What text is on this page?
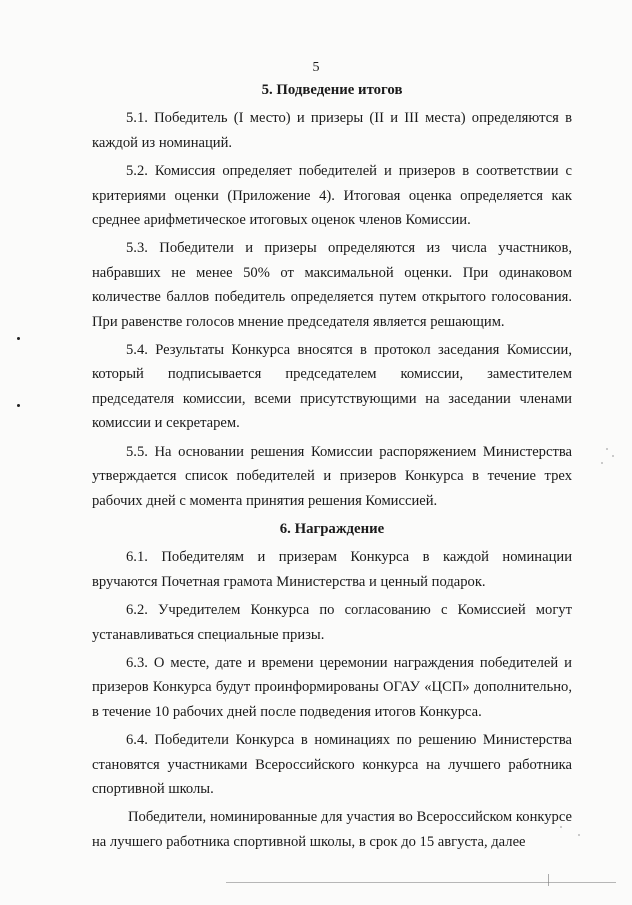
5
5. Подведение итогов

5.1. Победитель (I место) и призеры (II и III места) определяются в каждой из номинаций.

5.2. Комиссия определяет победителей и призеров в соответствии с критериями оценки (Приложение 4). Итоговая оценка определяется как среднее арифметическое итоговых оценок членов Комиссии.

5.3. Победители и призеры определяются из числа участников, набравших не менее 50% от максимальной оценки. При одинаковом количестве баллов победитель определяется путем открытого голосования. При равенстве голосов мнение председателя является решающим.

5.4. Результаты Конкурса вносятся в протокол заседания Комиссии, который подписывается председателем комиссии, заместителем председателя комиссии, всеми присутствующими на заседании членами комиссии и секретарем.

5.5. На основании решения Комиссии распоряжением Министерства утверждается список победителей и призеров Конкурса в течение трех рабочих дней с момента принятия решения Комиссией.

6. Награждение

6.1. Победителям и призерам Конкурса в каждой номинации вручаются Почетная грамота Министерства и ценный подарок.

6.2. Учредителем Конкурса по согласованию с Комиссией могут устанавливаться специальные призы.

6.3. О месте, дате и времени церемонии награждения победителей и призеров Конкурса будут проинформированы ОГАУ «ЦСП» дополнительно, в течение 10 рабочих дней после подведения итогов Конкурса.

6.4. Победители Конкурса в номинациях по решению Министерства становятся участниками Всероссийского конкурса на лучшего работника спортивной школы.

Победители, номинированные для участия во Всероссийском конкурсе на лучшего работника спортивной школы, в срок до 15 августа, далее
